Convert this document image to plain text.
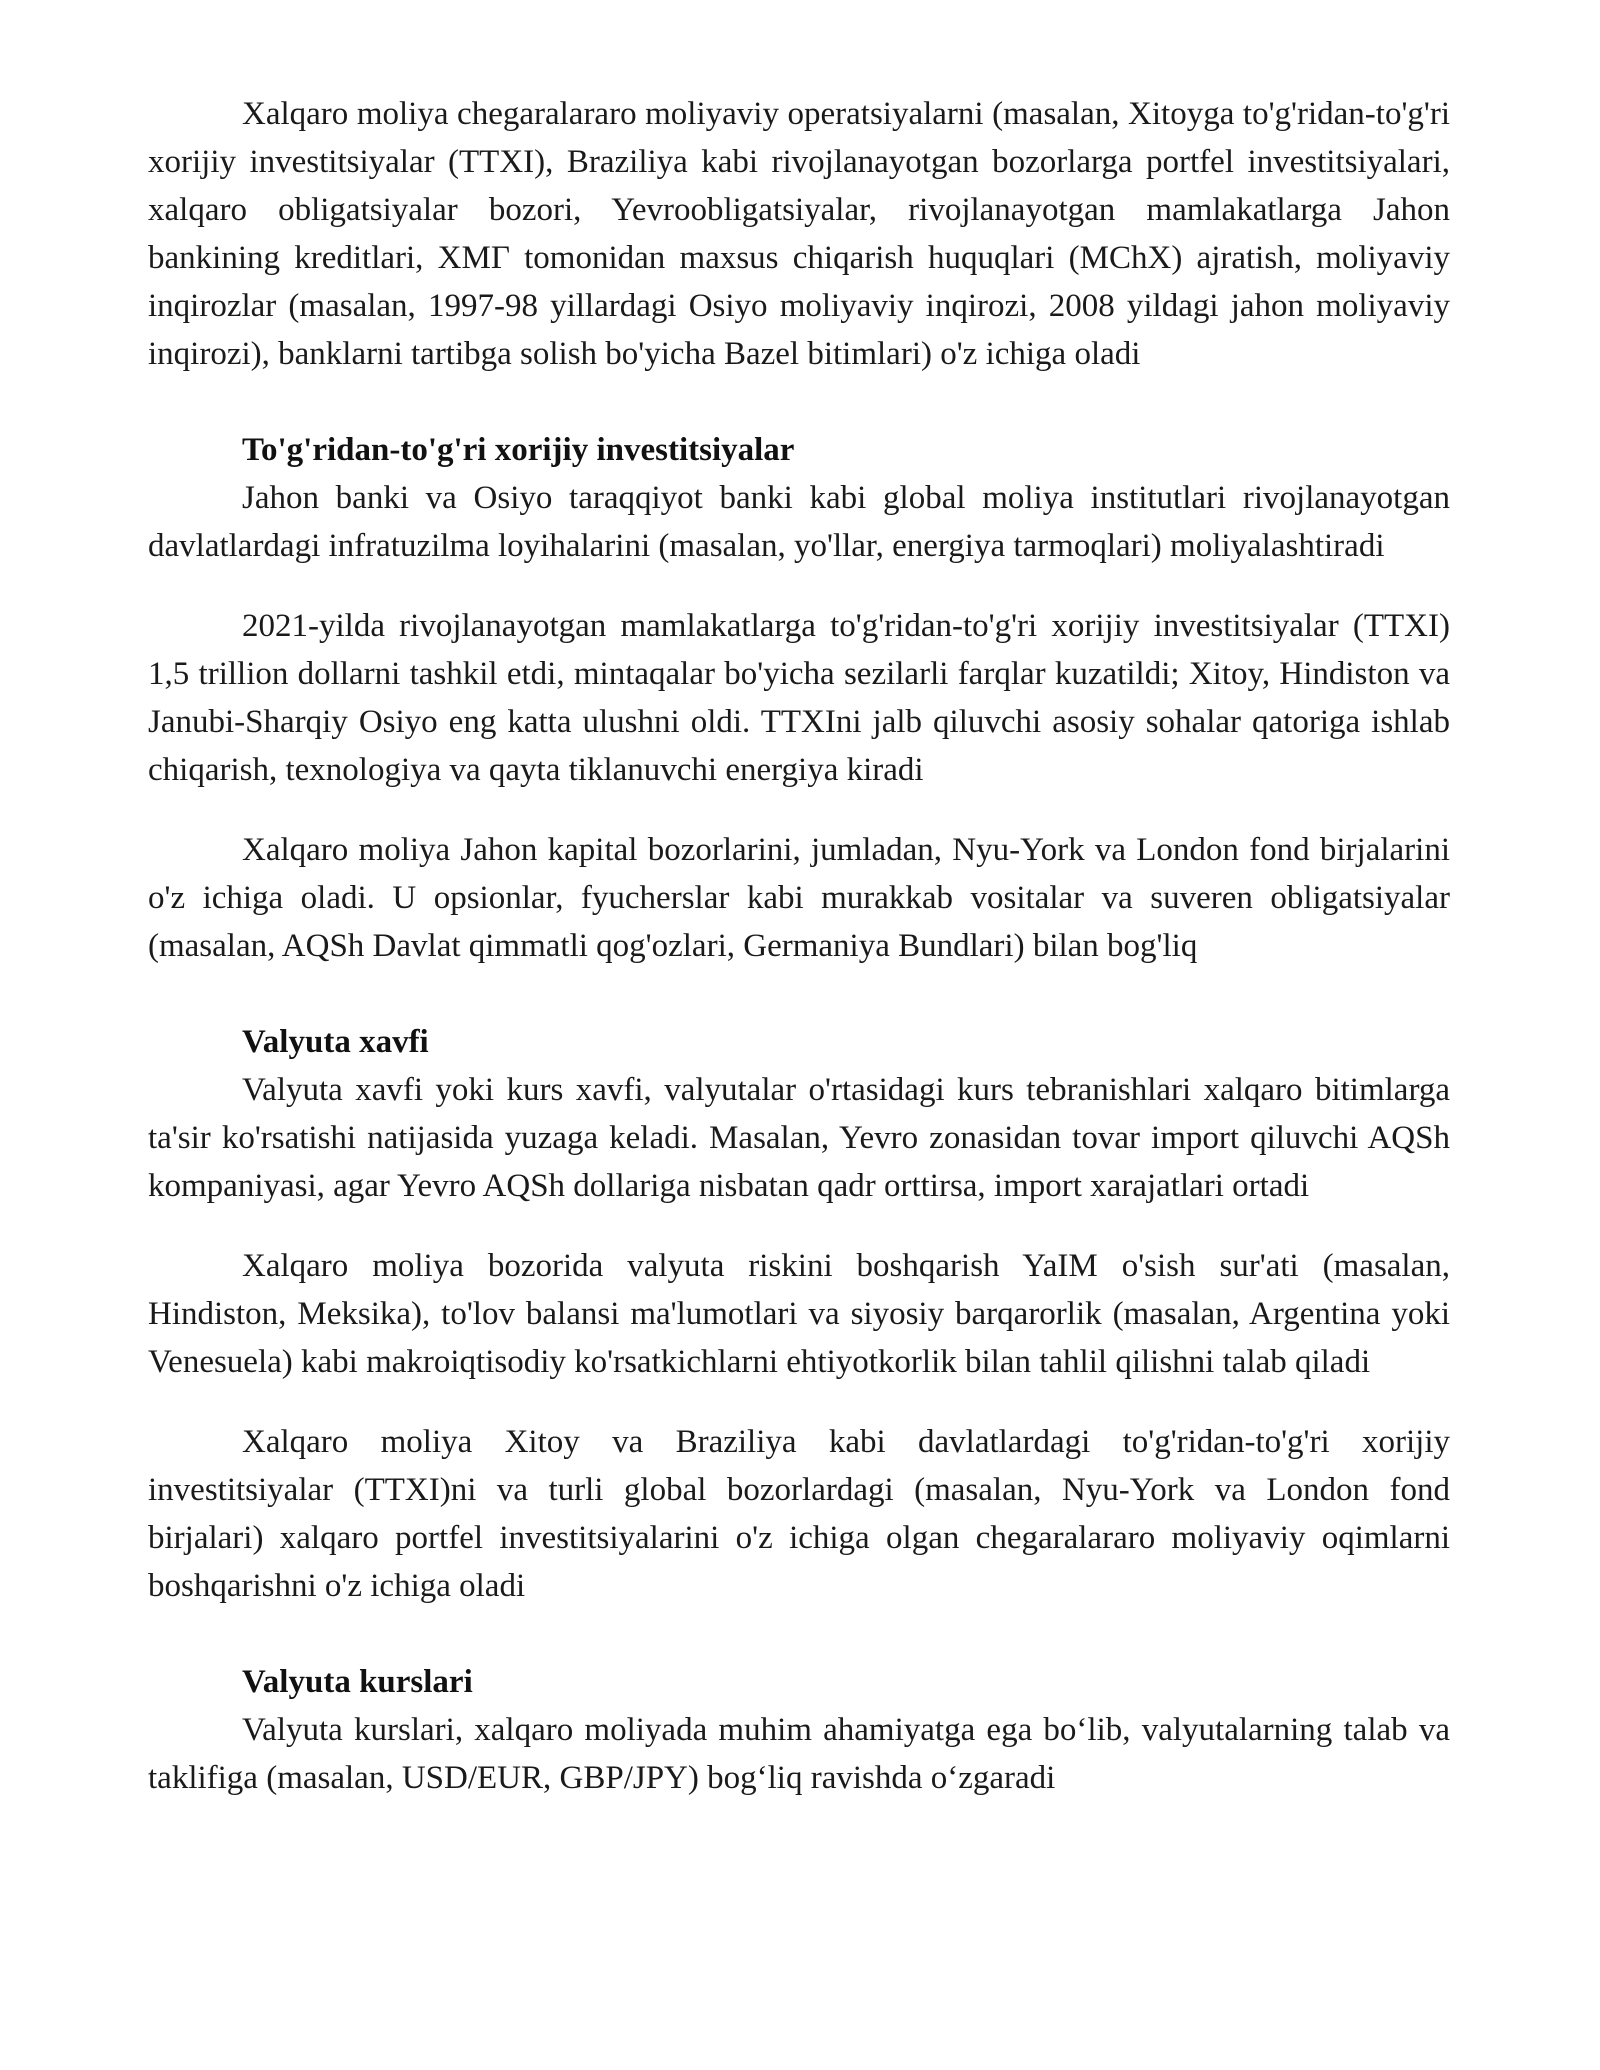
Xalqaro moliya chegaralararo moliyaviy operatsiyalarni (masalan, Xitoyga to'g'ridan-to'g'ri xorijiy investitsiyalar (TTXI), Braziliya kabi rivojlanayotgan bozorlarga portfel investitsiyalari, xalqaro obligatsiyalar bozori, Yevroobligatsiyalar, rivojlanayotgan mamlakatlarga Jahon bankining kreditlari, ХМГ tomonidan maxsus chiqarish huquqlari (MChX) ajratish, moliyaviy inqirozlar (masalan, 1997-98 yillardagi Osiyo moliyaviy inqirozi, 2008 yildagi jahon moliyaviy inqirozi), banklarni tartibga solish bo'yicha Bazel bitimlari) o'z ichiga oladi

To'g'ridan-to'g'ri xorijiy investitsiyalar

Jahon banki va Osiyo taraqqiyot banki kabi global moliya institutlari rivojlanayotgan davlatlardagi infratuzilma loyihalarini (masalan, yo'llar, energiya tarmoqlari) moliyalashtiradi

2021-yilda rivojlanayotgan mamlakatlarga to'g'ridan-to'g'ri xorijiy investitsiyalar (TTXI) 1,5 trillion dollarni tashkil etdi, mintaqalar bo'yicha sezilarli farqlar kuzatildi; Xitoy, Hindiston va Janubi-Sharqiy Osiyo eng katta ulushni oldi. TTXIni jalb qiluvchi asosiy sohalar qatoriga ishlab chiqarish, texnologiya va qayta tiklanuvchi energiya kiradi

Xalqaro moliya Jahon kapital bozorlarini, jumladan, Nyu-York va London fond birjalarini o'z ichiga oladi. U opsionlar, fyucherslar kabi murakkab vositalar va suveren obligatsiyalar (masalan, AQSh Davlat qimmatli qog'ozlari, Germaniya Bundlari) bilan bog'liq

Valyuta xavfi

Valyuta xavfi yoki kurs xavfi, valyutalar o'rtasidagi kurs tebranishlari xalqaro bitimlarga ta'sir ko'rsatishi natijasida yuzaga keladi. Masalan, Yevro zonasidan tovar import qiluvchi AQSh kompaniyasi, agar Yevro AQSh dollariga nisbatan qadr orttirsa, import xarajatlari ortadi

Xalqaro moliya bozorida valyuta riskini boshqarish YaIM o'sish sur'ati (masalan, Hindiston, Meksika), to'lov balansi ma'lumotlari va siyosiy barqarorlik (masalan, Argentina yoki Venesuela) kabi makroiqtisodiy ko'rsatkichlarni ehtiyotkorlik bilan tahlil qilishni talab qiladi

Xalqaro moliya Xitoy va Braziliya kabi davlatlardagi to'g'ridan-to'g'ri xorijiy investitsiyalar (TTXI)ni va turli global bozorlardagi (masalan, Nyu-York va London fond birjalari) xalqaro portfel investitsiyalarini o'z ichiga olgan chegaralararo moliyaviy oqimlarni boshqarishni o'z ichiga oladi

Valyuta kurslari

Valyuta kurslari, xalqaro moliyada muhim ahamiyatga ega bo‘lib, valyutalarning talab va taklifiga (masalan, USD/EUR, GBP/JPY) bog‘liq ravishda o‘zgaradi
